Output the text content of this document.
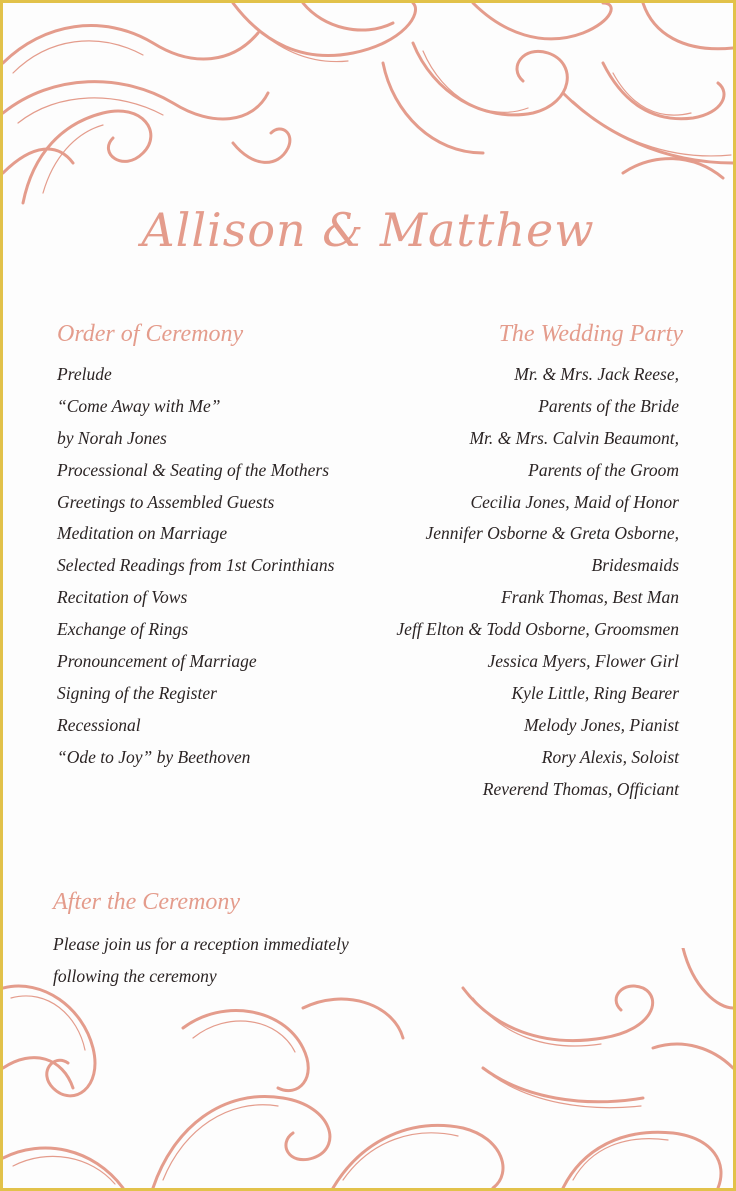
Allison & Matthew
Order of Ceremony
Prelude
“Come Away with Me”
by Norah Jones
Processional & Seating of the Mothers
Greetings to Assembled Guests
Meditation on Marriage
Selected Readings from 1st Corinthians
Recitation of Vows
Exchange of Rings
Pronouncement of Marriage
Signing of the Register
Recessional
“Ode to Joy” by Beethoven
The Wedding Party
Mr. & Mrs. Jack Reese,
Parents of the Bride
Mr. & Mrs. Calvin Beaumont,
Parents of the Groom
Cecilia Jones, Maid of Honor
Jennifer Osborne & Greta Osborne,
Bridesmaids
Frank Thomas, Best Man
Jeff Elton & Todd Osborne, Groomsmen
Jessica Myers, Flower Girl
Kyle Little, Ring Bearer
Melody Jones, Pianist
Rory Alexis, Soloist
Reverend Thomas, Officiant
After the Ceremony
Please join us for a reception immediately
following the ceremony
